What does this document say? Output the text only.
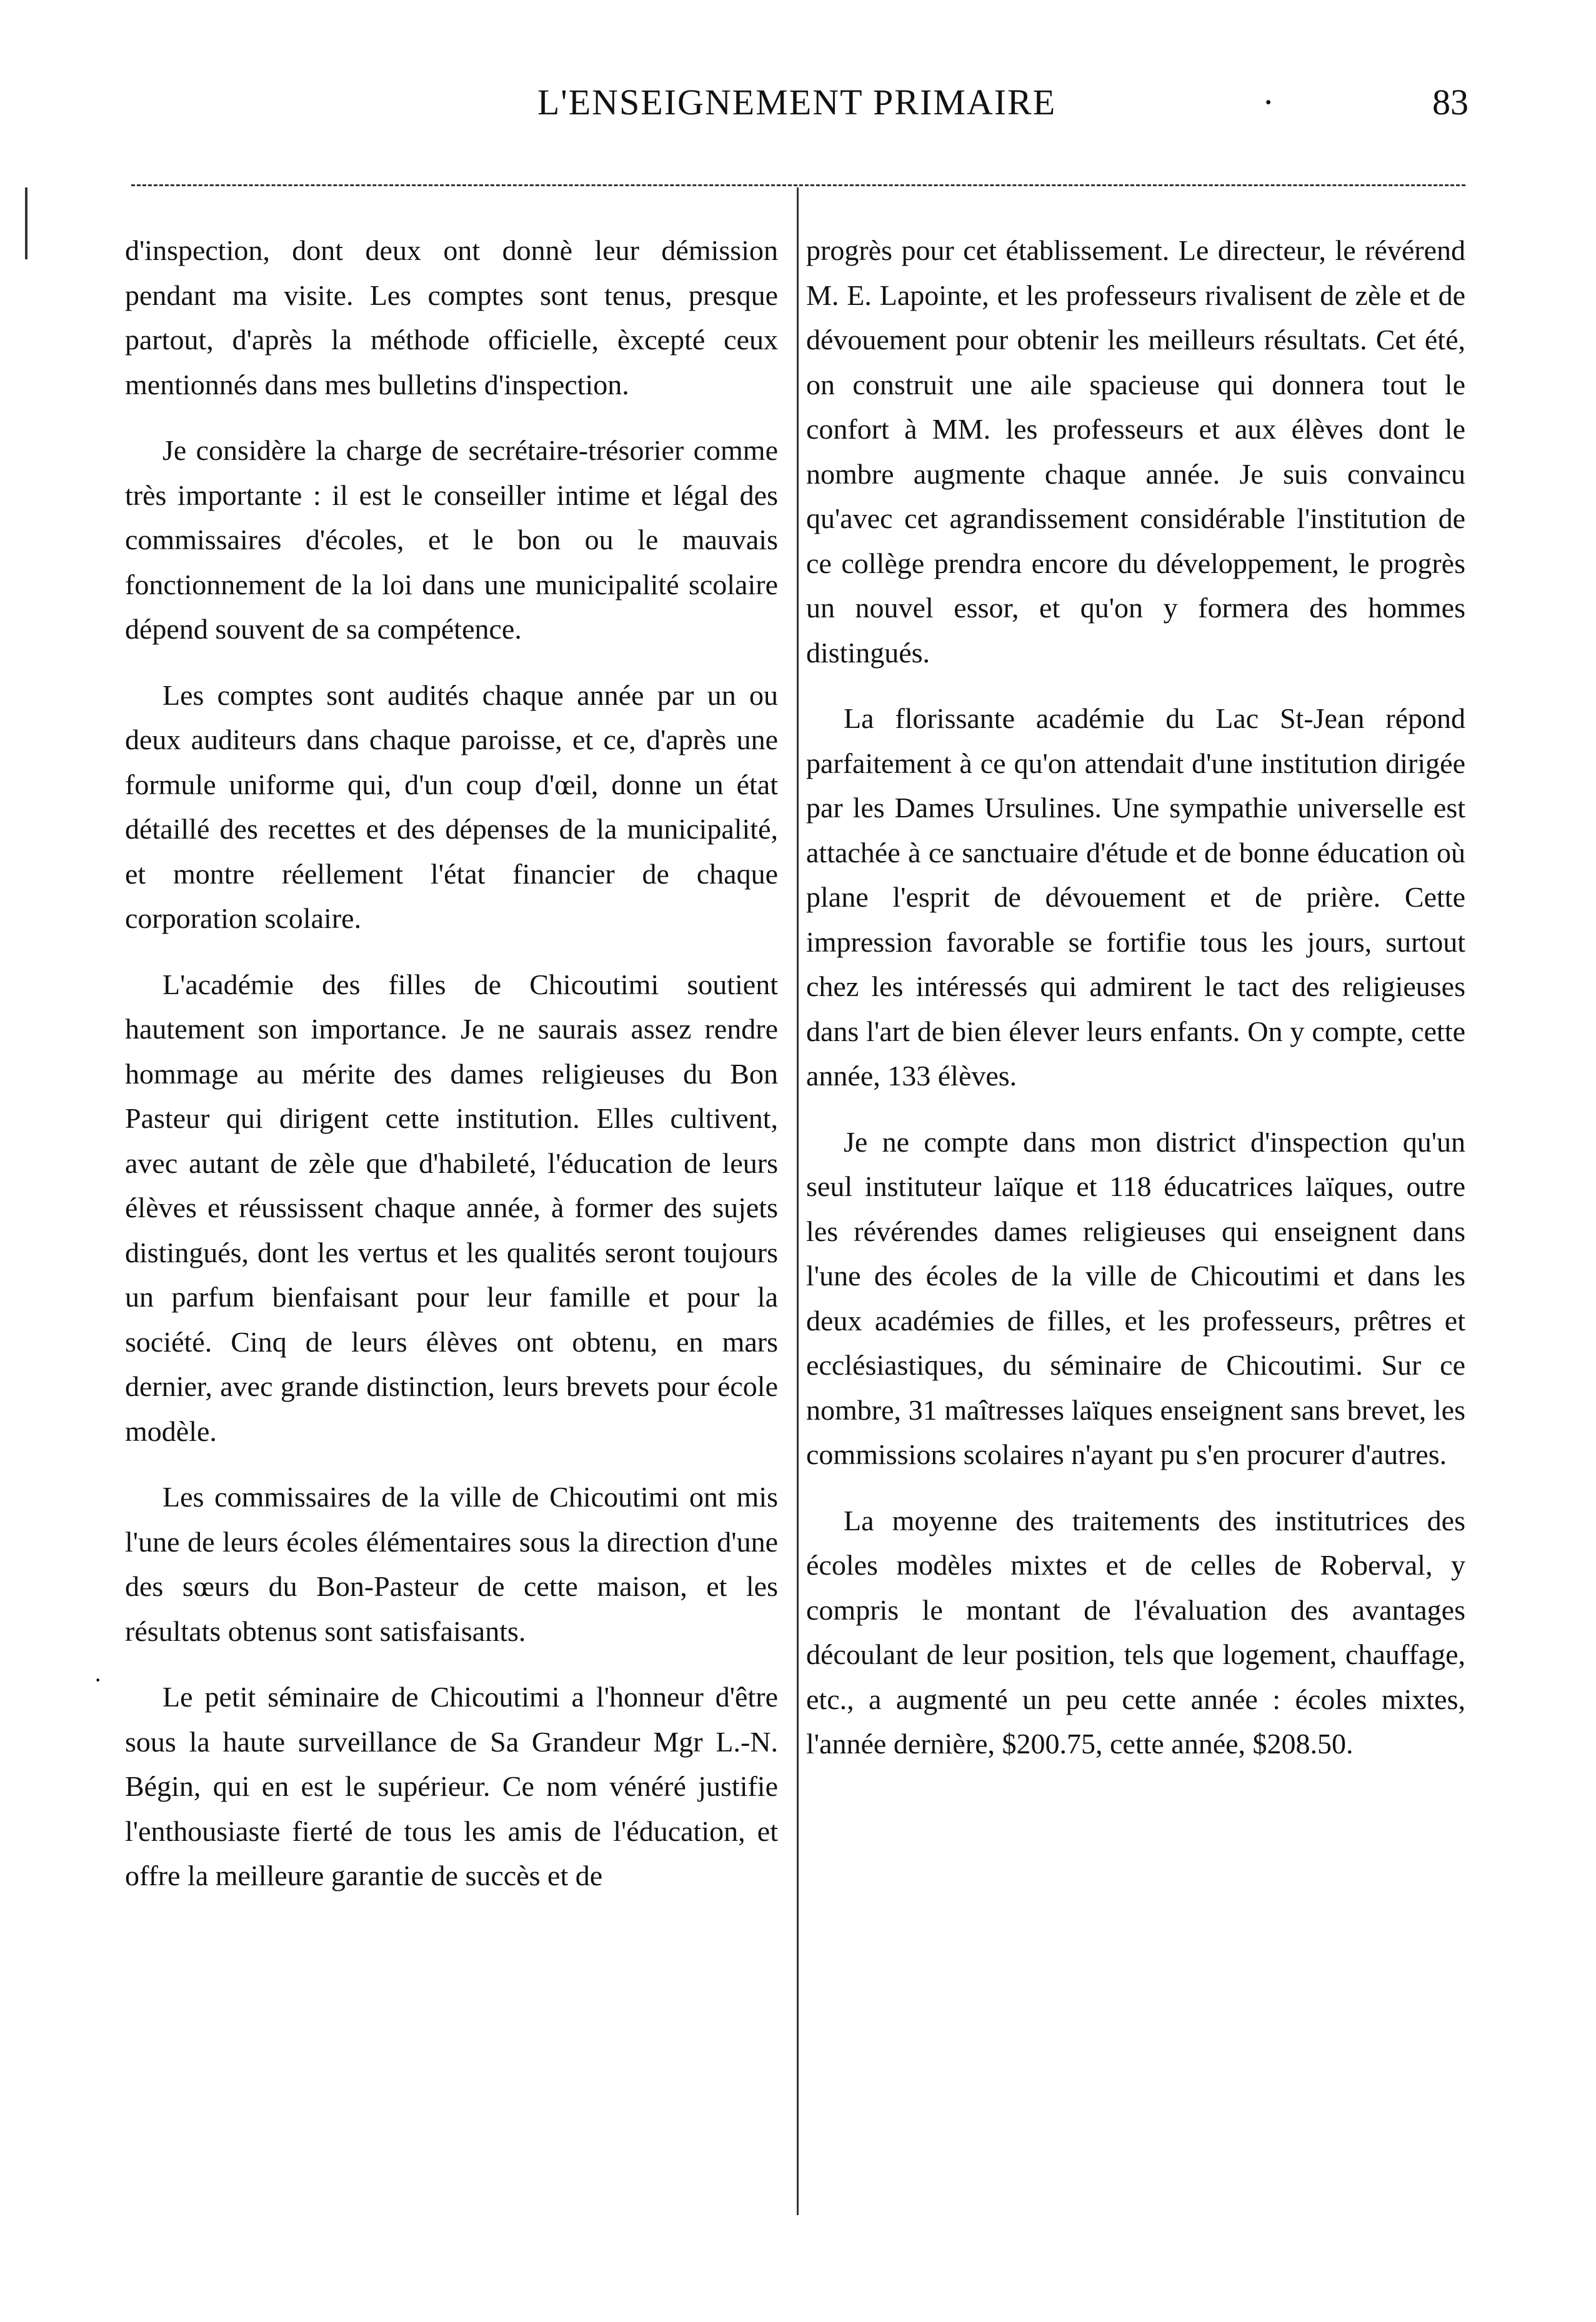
L'ENSEIGNEMENT PRIMAIRE	·	83
·

d'inspection, dont deux ont donnè leur démission pendant ma visite. Les comptes sont tenus, presque partout, d'après la méthode officielle, èxcepté ceux mentionnés dans mes bulletins d'inspection.

Je considère la charge de secrétaire-trésorier comme très importante : il est le conseiller intime et légal des commissaires d'écoles, et le bon ou le mauvais fonctionnement de la loi dans une municipalité scolaire dépend souvent de sa compétence.

Les comptes sont audités chaque année par un ou deux auditeurs dans chaque paroisse, et ce, d'après une formule uniforme qui, d'un coup d'œil, donne un état détaillé des recettes et des dépenses de la municipalité, et montre réellement l'état financier de chaque corporation scolaire.

L'académie des filles de Chicoutimi soutient hautement son importance. Je ne saurais assez rendre hommage au mérite des dames religieuses du Bon Pasteur qui dirigent cette institution. Elles cultivent, avec autant de zèle que d'habileté, l'éducation de leurs élèves et réussissent chaque année, à former des sujets distingués, dont les vertus et les qualités seront toujours un parfum bienfaisant pour leur famille et pour la société. Cinq de leurs élèves ont obtenu, en mars dernier, avec grande distinction, leurs brevets pour école modèle.

Les commissaires de la ville de Chicoutimi ont mis l'une de leurs écoles élémentaires sous la direction d'une des sœurs du Bon-Pasteur de cette maison, et les résultats obtenus sont satisfaisants.

Le petit séminaire de Chicoutimi a l'honneur d'être sous la haute surveillance de Sa Grandeur Mgr L.-N. Bégin, qui en est le supérieur. Ce nom vénéré justifie l'enthousiaste fierté de tous les amis de l'éducation, et offre la meilleure garantie de succès et de

progrès pour cet établissement. Le directeur, le révérend M. E. Lapointe, et les professeurs rivalisent de zèle et de dévouement pour obtenir les meilleurs résultats. Cet été, on construit une aile spacieuse qui donnera tout le confort à MM. les professeurs et aux élèves dont le nombre augmente chaque année. Je suis convaincu qu'avec cet agrandissement considérable l'institution de ce collège prendra encore du développement, le progrès un nouvel essor, et qu'on y formera des hommes distingués.

La florissante académie du Lac St-Jean répond parfaitement à ce qu'on attendait d'une institution dirigée par les Dames Ursulines. Une sympathie universelle est attachée à ce sanctuaire d'étude et de bonne éducation où plane l'esprit de dévouement et de prière. Cette impression favorable se fortifie tous les jours, surtout chez les intéressés qui admirent le tact des religieuses dans l'art de bien élever leurs enfants. On y compte, cette année, 133 élèves.

Je ne compte dans mon district d'inspection qu'un seul instituteur laïque et 118 éducatrices laïques, outre les révérendes dames religieuses qui enseignent dans l'une des écoles de la ville de Chicoutimi et dans les deux académies de filles, et les professeurs, prêtres et ecclésiastiques, du séminaire de Chicoutimi. Sur ce nombre, 31 maîtresses laïques enseignent sans brevet, les commissions scolaires n'ayant pu s'en procurer d'autres.

La moyenne des traitements des institutrices des écoles modèles mixtes et de celles de Roberval, y compris le montant de l'évaluation des avantages découlant de leur position, tels que logement, chauffage, etc., a augmenté un peu cette année : écoles mixtes, l'année dernière, $200.75, cette année, $208.50.
